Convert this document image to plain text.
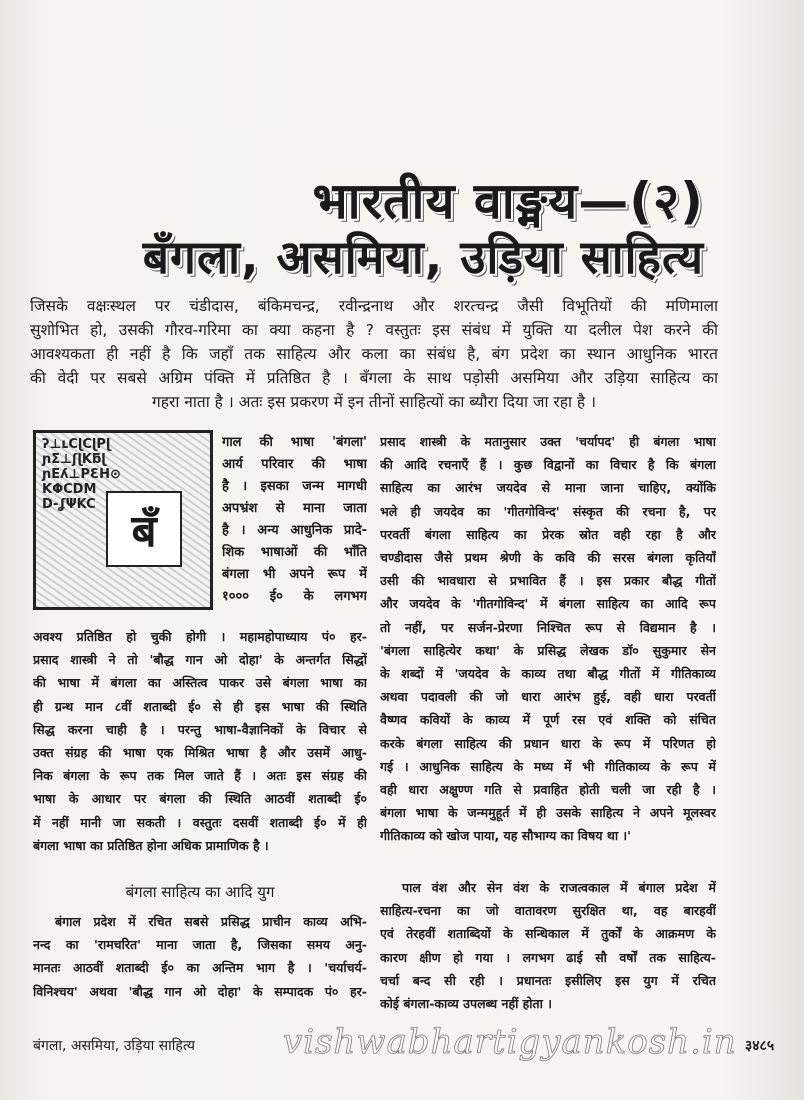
भारतीय वाङ्मय—(२)
बँगला, असमिया, उड़िया साहित्य
जिसके वक्षःस्थल पर चंडीदास, बंकिमचन्द्र, रवीन्द्रनाथ और शरत्चन्द्र जैसी विभूतियों की मणिमाला
सुशोभित हो, उसकी गौरव-गरिमा का क्या कहना है ? वस्तुतः इस संबंध में युक्ति या दलील पेश करने की
आवश्यकता ही नहीं है कि जहाँ तक साहित्य और कला का संबंध है, बंग प्रदेश का स्थान आधुनिक भारत
की वेदी पर सबसे अग्रिम पंक्ति में प्रतिष्ठित है । बँगला के साथ पड़ोसी असमिया और उड़िया साहित्य का
गहरा नाता है । अतः इस प्रकरण में इन तीनों साहित्यों का ब्यौरा दिया जा रहा है ।
ʔ⊥ʟCɭCɭPɭ
ɲΣ⊥ʃɭKƃɭ
ɲEʎ⊥PƐH⊙
KΦCDM
D-ʆΨKC
बँ
गाल की भाषा 'बंगला'
आर्य परिवार की भाषा
है । इसका जन्म मागधी
अपभ्रंश से माना जाता
है । अन्य आधुनिक प्रादे-
शिक भाषाओं की भाँति
बंगला भी अपने रूप में
१००० ई० के लगभग
अवश्य प्रतिष्ठित हो चुकी होगी । महामहोपाध्याय पं० हर-
प्रसाद शास्त्री ने तो 'बौद्ध गान ओ दोहा' के अन्तर्गत सिद्धों
की भाषा में बंगला का अस्तित्व पाकर उसे बंगला भाषा का
ही ग्रन्थ मान ८वीं शताब्दी ई० से ही इस भाषा की स्थिति
सिद्ध करना चाही है । परन्तु भाषा-वैज्ञानिकों के विचार से
उक्त संग्रह की भाषा एक मिश्रित भाषा है और उसमें आधु-
निक बंगला के रूप तक मिल जाते हैं । अतः इस संग्रह की
भाषा के आधार पर बंगला की स्थिति आठवीं शताब्दी ई०
में नहीं मानी जा सकती । वस्तुतः दसवीं शताब्दी ई० में ही
बंगला भाषा का प्रतिष्ठित होना अधिक प्रामाणिक है ।
बंगला साहित्य का आदि युग
बंगाल प्रदेश में रचित सबसे प्रसिद्ध प्राचीन काव्य अभि-
नन्द का 'रामचरित' माना जाता है, जिसका समय अनु-
मानतः आठवीं शताब्दी ई० का अन्तिम भाग है । 'चर्याचर्य-
विनिश्चय' अथवा 'बौद्ध गान ओ दोहा' के सम्पादक पं० हर-
प्रसाद शास्त्री के मतानुसार उक्त 'चर्यापद' ही बंगला भाषा
की आदि रचनाएँ हैं । कुछ विद्वानों का विचार है कि बंगला
साहित्य का आरंभ जयदेव से माना जाना चाहिए, क्योंकि
भले ही जयदेव का 'गीतगोविन्द' संस्कृत की रचना है, पर
परवर्ती बंगला साहित्य का प्रेरक स्रोत वही रहा है और
चण्डीदास जैसे प्रथम श्रेणी के कवि की सरस बंगला कृतियाँ
उसी की भावधारा से प्रभावित हैं । इस प्रकार बौद्ध गीतों
और जयदेव के 'गीतगोविन्द' में बंगला साहित्य का आदि रूप
तो नहीं, पर सर्जन-प्रेरणा निश्चित रूप से विद्यमान है ।
'बंगला साहित्येर कथा' के प्रसिद्ध लेखक डॉ० सुकुमार सेन
के शब्दों में 'जयदेव के काव्य तथा बौद्ध गीतों में गीतिकाव्य
अथवा पदावली की जो धारा आरंभ हुई, वही धारा परवर्ती
वैष्णव कवियों के काव्य में पूर्ण रस एवं शक्ति को संचित
करके बंगला साहित्य की प्रधान धारा के रूप में परिणत हो
गई । आधुनिक साहित्य के मध्य में भी गीतिकाव्य के रूप में
वही धारा अक्षुण्ण गति से प्रवाहित होती चली जा रही है ।
बंगला भाषा के जन्ममुहूर्त में ही उसके साहित्य ने अपने मूलस्वर
गीतिकाव्य को खोज पाया, यह सौभाग्य का विषय था ।'
पाल वंश और सेन वंश के राजत्वकाल में बंगाल प्रदेश में
साहित्य-रचना का जो वातावरण सुरक्षित था, वह बारहवीं
एवं तेरहवीं शताब्दियों के सन्धिकाल में तुर्कों के आक्रमण के
कारण क्षीण हो गया । लगभग ढाई सौ वर्षों तक साहित्य-
चर्चा बन्द सी रही । प्रधानतः इसीलिए इस युग में रचित
कोई बंगला-काव्य उपलब्ध नहीं होता ।
बंगला, असमिया, उड़िया साहित्य	vishwabhartigyankosh.in ३४८५
